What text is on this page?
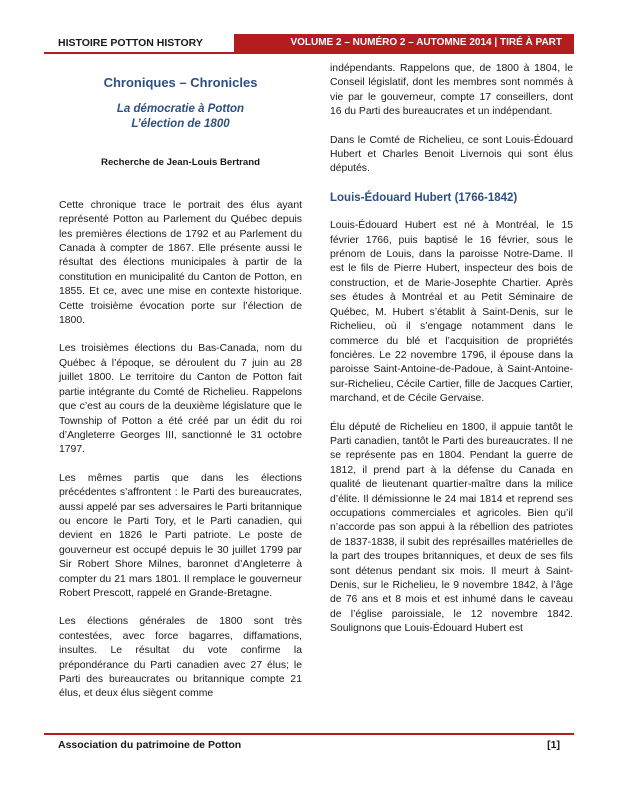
HISTOIRE POTTON HISTORY	VOLUME 2 – NUMÉRO 2 – AUTOMNE 2014 | TIRÉ À PART
Chroniques – Chronicles
La démocratie à Potton
L’élection de 1800
Recherche de Jean-Louis Bertrand

Cette chronique trace le portrait des élus ayant représenté Potton au Parlement du Québec depuis les premières élections de 1792 et au Parlement du Canada à compter de 1867. Elle présente aussi le résultat des élections municipales à partir de la constitution en municipalité du Canton de Potton, en 1855. Et ce, avec une mise en contexte historique. Cette troisième évocation porte sur l’élection de 1800.

Les troisièmes élections du Bas-Canada, nom du Québec à l’époque, se déroulent du 7 juin au 28 juillet 1800. Le territoire du Canton de Potton fait partie intégrante du Comté de Richelieu. Rappelons que c’est au cours de la deuxième législature que le Township of Potton a été créé par un édit du roi d’Angleterre Georges III, sanctionné le 31 octobre 1797.

Les mêmes partis que dans les élections précédentes s’affrontent : le Parti des bureaucrates, aussi appelé par ses adversaires le Parti britannique ou encore le Parti Tory, et le Parti canadien, qui devient en 1826 le Parti patriote. Le poste de gouverneur est occupé depuis le 30 juillet 1799 par Sir Robert Shore Milnes, baronnet d’Angleterre à compter du 21 mars 1801. Il remplace le gouverneur Robert Prescott, rappelé en Grande-Bretagne.

Les élections générales de 1800 sont très contestées, avec force bagarres, diffamations, insultes. Le résultat du vote confirme la prépondérance du Parti canadien avec 27 élus; le Parti des bureaucrates ou britannique compte 21 élus, et deux élus siègent comme

indépendants. Rappelons que, de 1800 à 1804, le Conseil législatif, dont les membres sont nommés à vie par le gouverneur, compte 17 conseillers, dont 16 du Parti des bureaucrates et un indépendant.

Dans le Comté de Richelieu, ce sont Louis-Édouard Hubert et Charles Benoit Livernois qui sont élus députés.

Louis-Édouard Hubert (1766-1842)

Louis-Édouard Hubert est né à Montréal, le 15 février 1766, puis baptisé le 16 février, sous le prénom de Louis, dans la paroisse Notre-Dame. Il est le fils de Pierre Hubert, inspecteur des bois de construction, et de Marie-Josephte Chartier. Après ses études à Montréal et au Petit Séminaire de Québec, M. Hubert s’établit à Saint-Denis, sur le Richelieu, où il s’engage notamment dans le commerce du blé et l’acquisition de propriétés foncières. Le 22 novembre 1796, il épouse dans la paroisse Saint-Antoine-de-Padoue, à Saint-Antoine-sur-Richelieu, Cécile Cartier, fille de Jacques Cartier, marchand, et de Cécile Gervaise.

Élu député de Richelieu en 1800, il appuie tantôt le Parti canadien, tantôt le Parti des bureaucrates. Il ne se représente pas en 1804. Pendant la guerre de 1812, il prend part à la défense du Canada en qualité de lieutenant quartier-maître dans la milice d’élite. Il démissionne le 24 mai 1814 et reprend ses occupations commerciales et agricoles. Bien qu’il n’accorde pas son appui à la rébellion des patriotes de 1837-1838, il subit des représailles matérielles de la part des troupes britanniques, et deux de ses fils sont détenus pendant six mois. Il meurt à Saint-Denis, sur le Richelieu, le 9 novembre 1842, à l’âge de 76 ans et 8 mois et est inhumé dans le caveau de l’église paroissiale, le 12 novembre 1842. Soulignons que Louis-Édouard Hubert est

Association du patrimoine de Potton	[1]
